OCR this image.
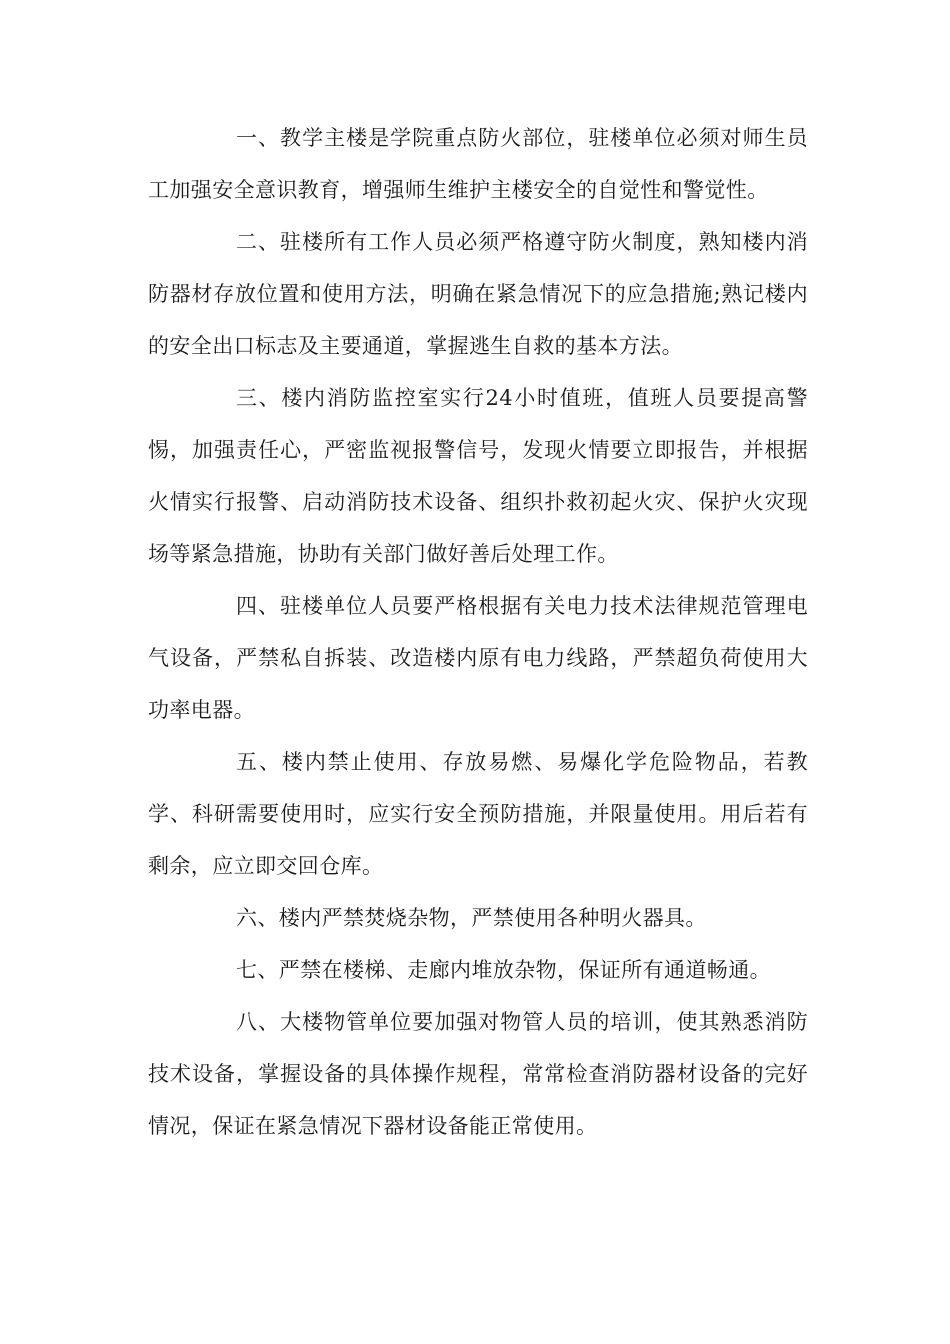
一、教学主楼是学院重点防火部位，驻楼单位必须对师生员工加强安全意识教育，增强师生维护主楼安全的自觉性和警觉性。

二、驻楼所有工作人员必须严格遵守防火制度，熟知楼内消防器材存放位置和使用方法，明确在紧急情况下的应急措施;熟记楼内的安全出口标志及主要通道，掌握逃生自救的基本方法。

三、楼内消防监控室实行24小时值班，值班人员要提高警惕，加强责任心，严密监视报警信号，发现火情要立即报告，并根据火情实行报警、启动消防技术设备、组织扑救初起火灾、保护火灾现场等紧急措施，协助有关部门做好善后处理工作。

四、驻楼单位人员要严格根据有关电力技术法律规范管理电气设备，严禁私自拆装、改造楼内原有电力线路，严禁超负荷使用大功率电器。

五、楼内禁止使用、存放易燃、易爆化学危险物品，若教学、科研需要使用时，应实行安全预防措施，并限量使用。用后若有剩余，应立即交回仓库。

六、楼内严禁焚烧杂物，严禁使用各种明火器具。

七、严禁在楼梯、走廊内堆放杂物，保证所有通道畅通。

八、大楼物管单位要加强对物管人员的培训，使其熟悉消防技术设备，掌握设备的具体操作规程，常常检查消防器材设备的完好情况，保证在紧急情况下器材设备能正常使用。
